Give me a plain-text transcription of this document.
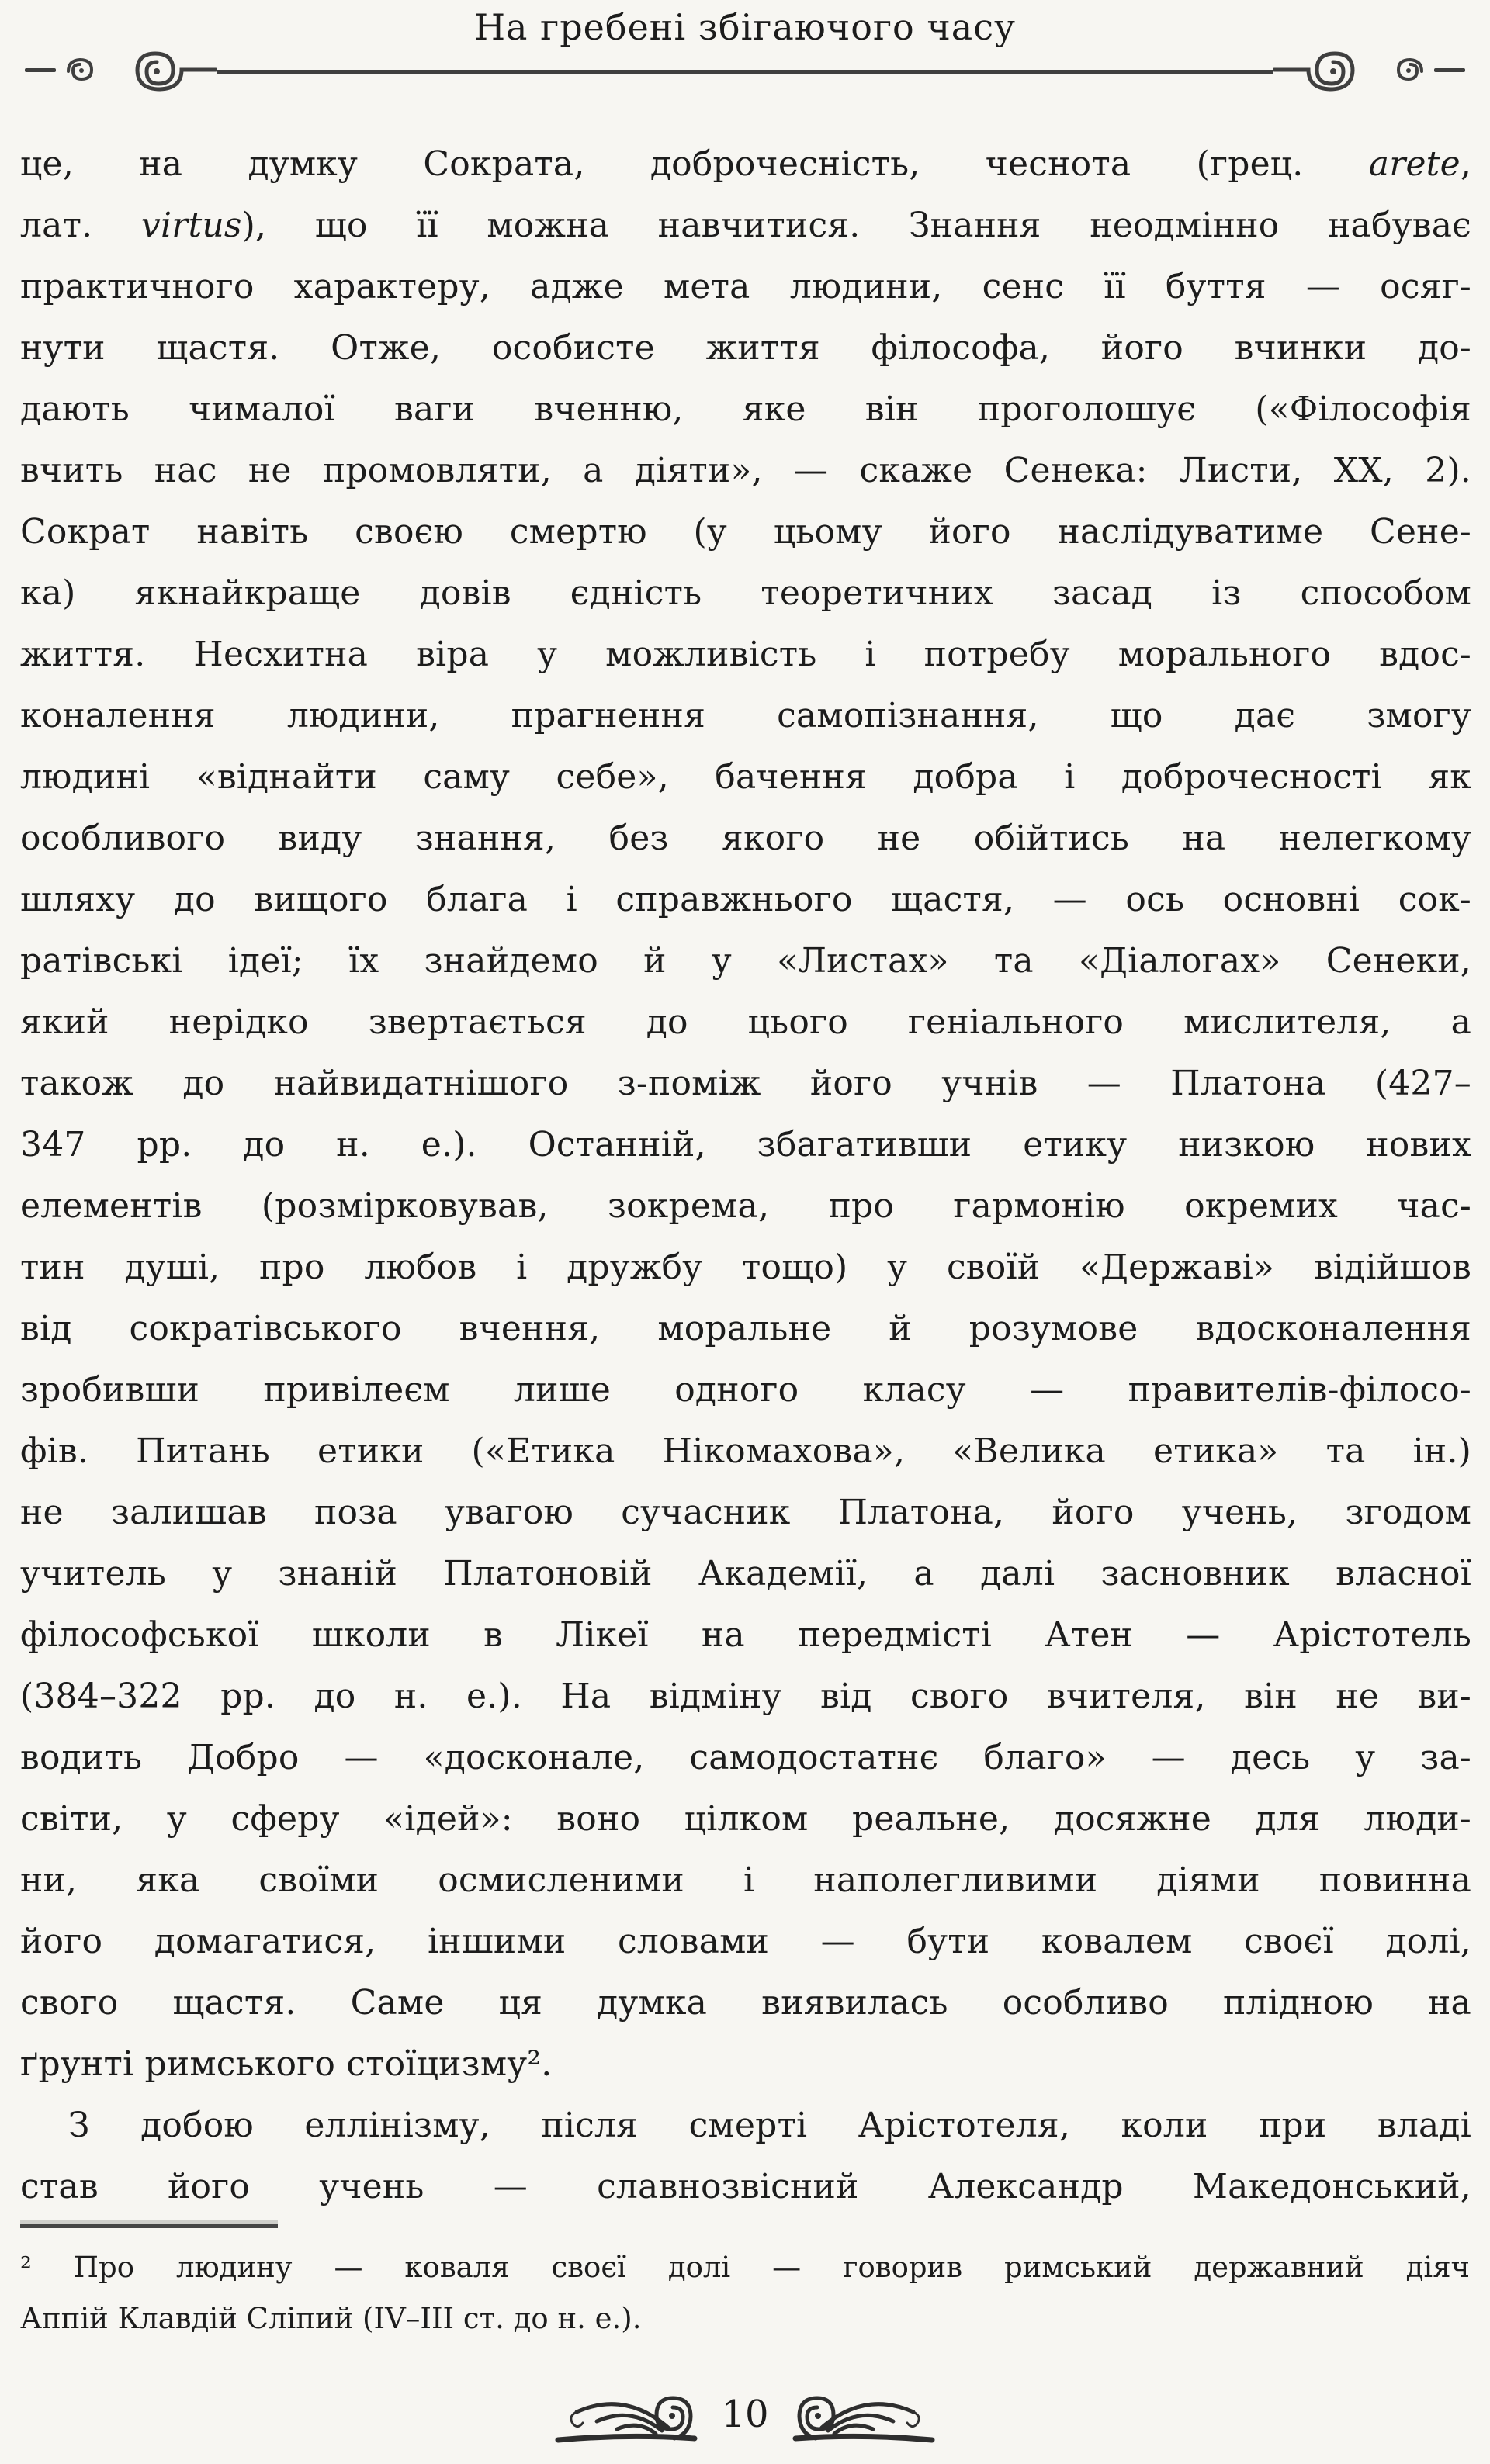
На гребені збігаючого часу
це, на думку Сократа, доброчесність, чеснота (грец. arete,
лат. virtus), що її можна навчитися. Знання неодмінно набуває
практичного характеру, адже мета людини, сенс її буття — осяг-
нути щастя. Отже, особисте життя філософа, його вчинки до-
дають чималої ваги вченню, яке він проголошує («Філософія
вчить нас не промовляти, а діяти», — скаже Сенека: Листи, XX, 2).
Сократ навіть своєю смертю (у цьому його наслідуватиме Сене-
ка) якнайкраще довів єдність теоретичних засад із способом
життя. Несхитна віра у можливість і потребу морального вдос-
коналення людини, прагнення самопізнання, що дає змогу
людині «віднайти саму себе», бачення добра і доброчесності як
особливого виду знання, без якого не обійтись на нелегкому
шляху до вищого блага і справжнього щастя, — ось основні сок-
ратівські ідеї; їх знайдемо й у «Листах» та «Діалогах» Сенеки,
який нерідко звертається до цього геніального мислителя, а
також до найвидатнішого з-поміж його учнів — Платона (427–
347 рр. до н. е.). Останній, збагативши етику низкою нових
елементів (розмірковував, зокрема, про гармонію окремих час-
тин душі, про любов і дружбу тощо) у своїй «Державі» відійшов
від сократівського вчення, моральне й розумове вдосконалення
зробивши привілеєм лише одного класу — правителів-філосо-
фів. Питань етики («Етика Нікомахова», «Велика етика» та ін.)
не залишав поза увагою сучасник Платона, його учень, згодом
учитель у знаній Платоновій Академії, а далі засновник власної
філософської школи в Лікеї на передмісті Атен — Арістотель
(384–322 рр. до н. е.). На відміну від свого вчителя, він не ви-
водить Добро — «досконале, самодостатнє благо» — десь у за-
світи, у сферу «ідей»: воно цілком реальне, досяжне для люди-
ни, яка своїми осмисленими і наполегливими діями повинна
його домагатися, іншими словами — бути ковалем своєї долі,
свого щастя. Саме ця думка виявилась особливо плідною на
ґрунті римського стоїцизму².
З добою еллінізму, після смерті Арістотеля, коли при владі
став його учень — славнозвісний Александр Македонський,
² Про людину — коваля своєї долі — говорив римський державний діяч
Аппій Клавдій Сліпий (IV–III ст. до н. е.).
10
